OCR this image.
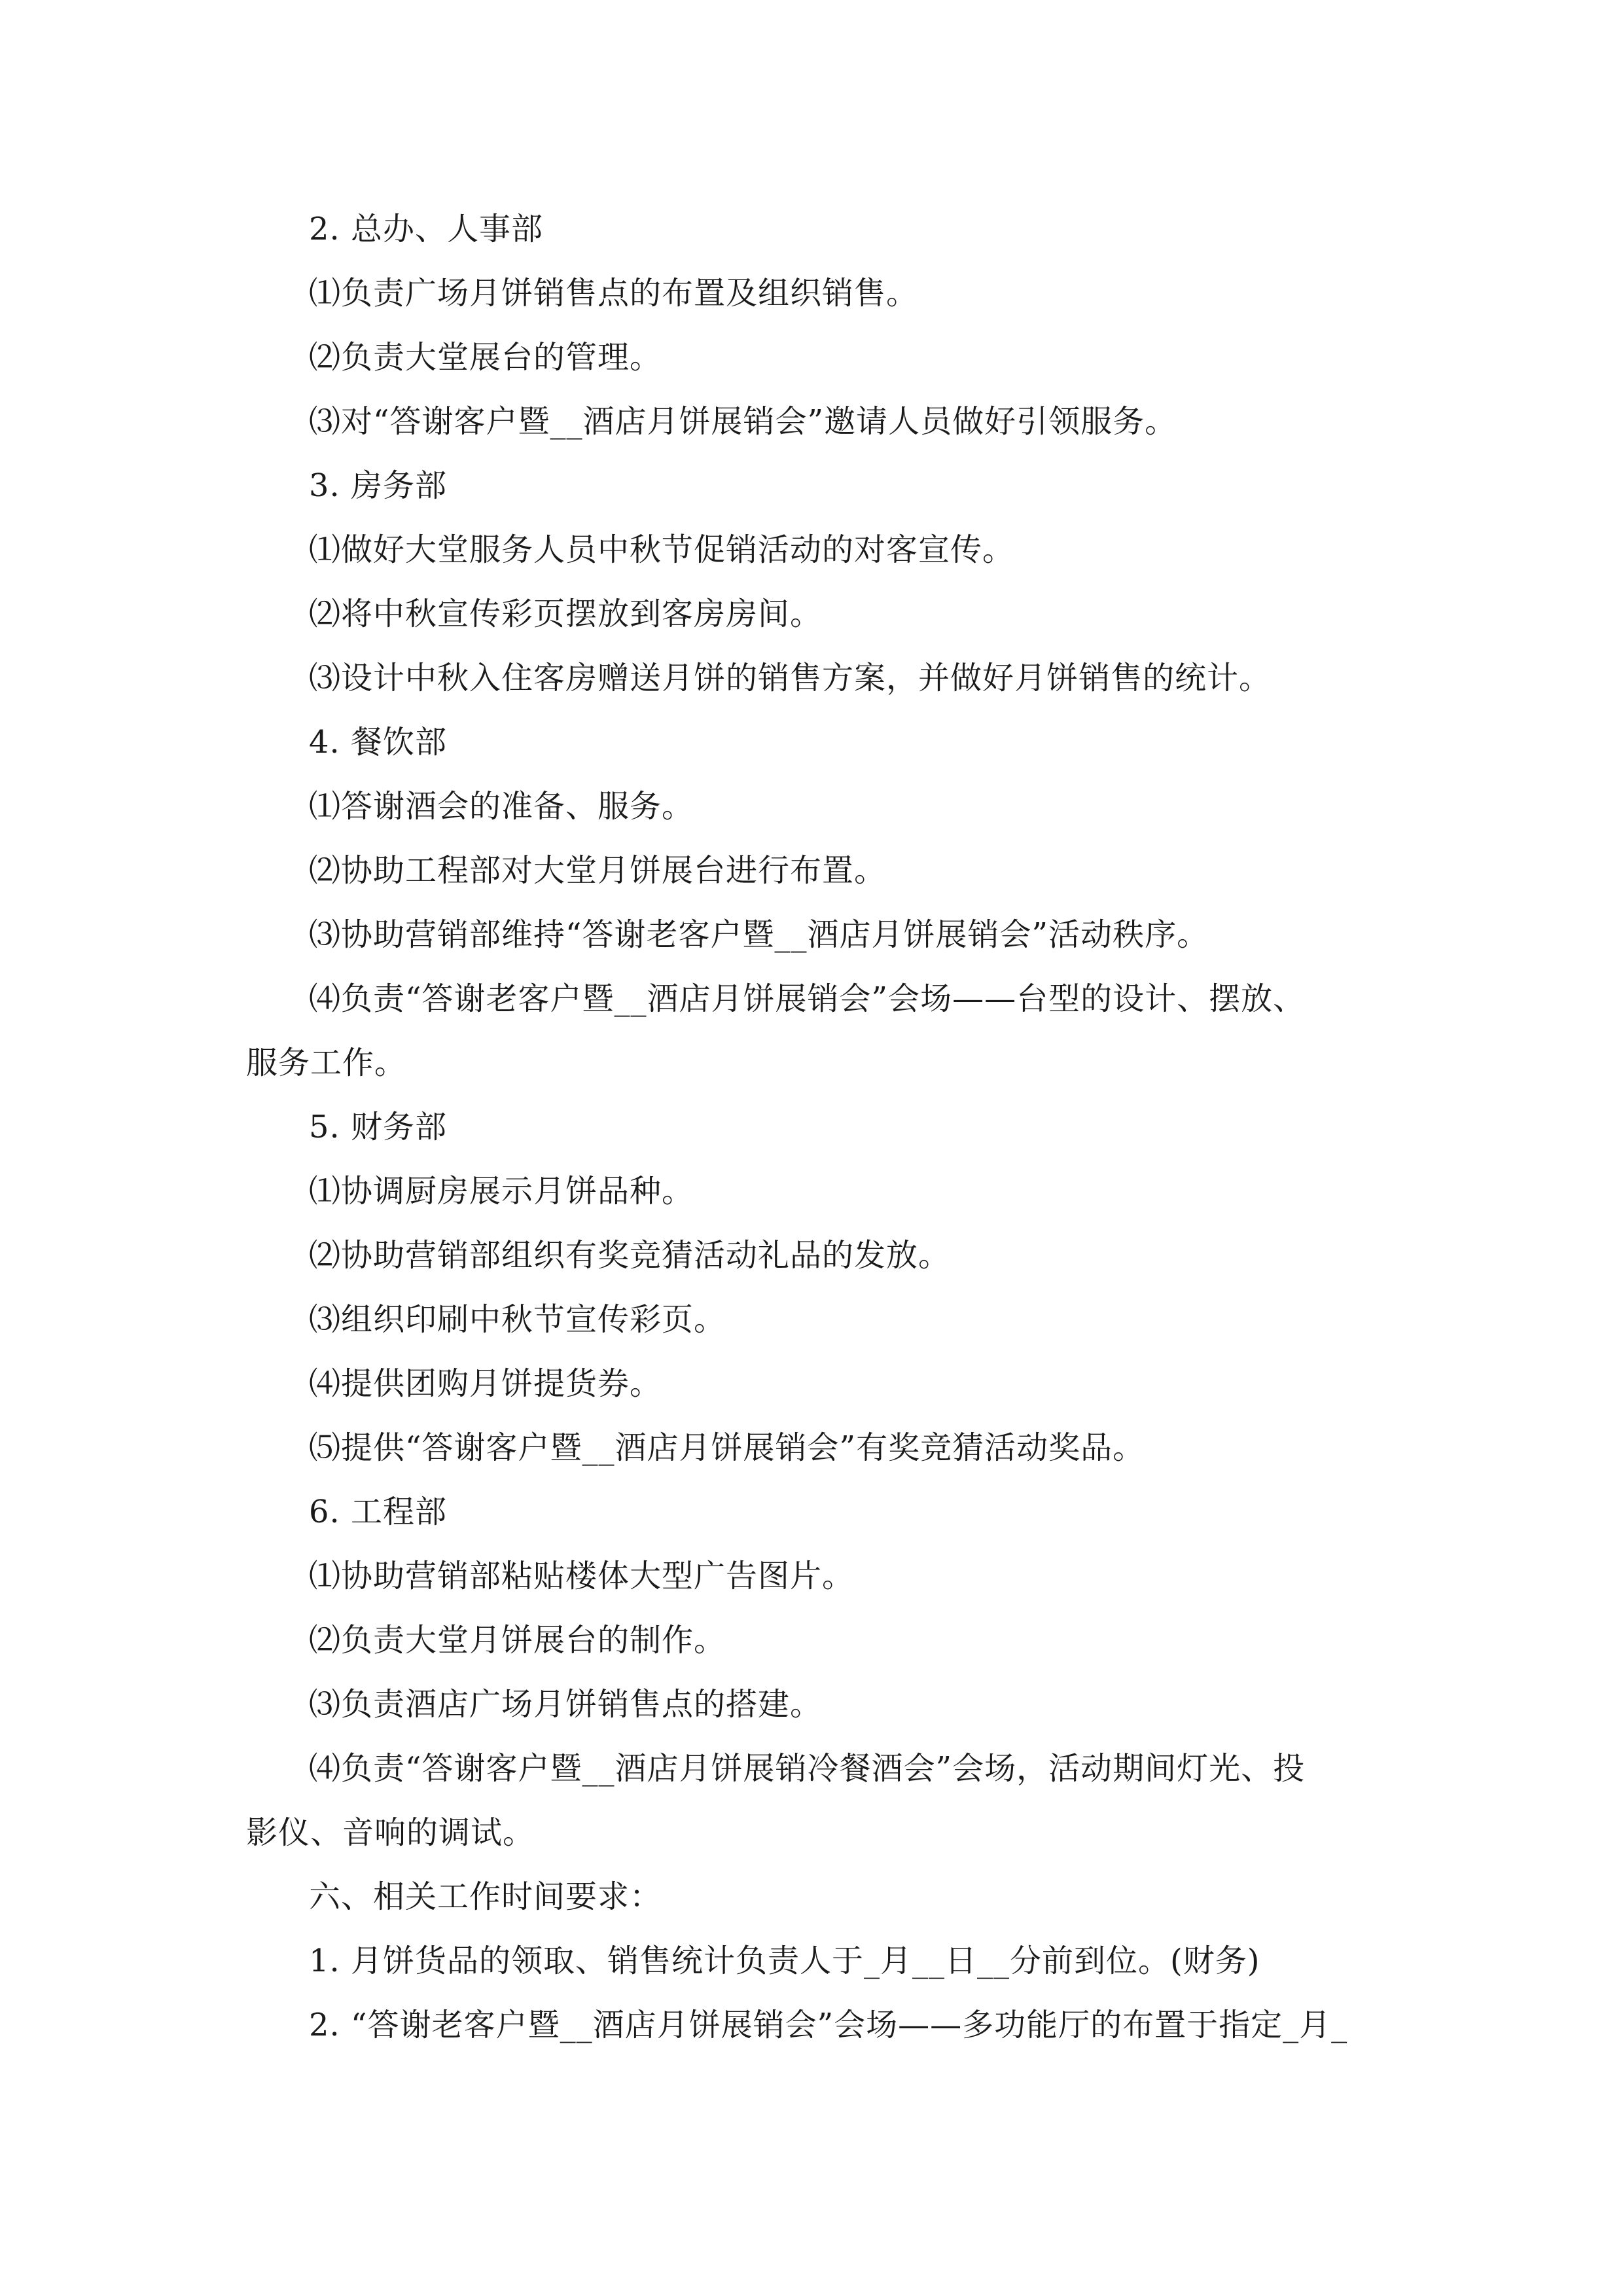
2. 总办、人事部
⑴负责广场月饼销售点的布置及组织销售。
⑵负责大堂展台的管理。
⑶对“答谢客户暨__酒店月饼展销会”邀请人员做好引领服务。
3. 房务部
⑴做好大堂服务人员中秋节促销活动的对客宣传。
⑵将中秋宣传彩页摆放到客房房间。
⑶设计中秋入住客房赠送月饼的销售方案，并做好月饼销售的统计。
4. 餐饮部
⑴答谢酒会的准备、服务。
⑵协助工程部对大堂月饼展台进行布置。
⑶协助营销部维持“答谢老客户暨__酒店月饼展销会”活动秩序。
⑷负责“答谢老客户暨__酒店月饼展销会”会场——台型的设计、摆放、
服务工作。
5. 财务部
⑴协调厨房展示月饼品种。
⑵协助营销部组织有奖竞猜活动礼品的发放。
⑶组织印刷中秋节宣传彩页。
⑷提供团购月饼提货券。
⑸提供“答谢客户暨__酒店月饼展销会”有奖竞猜活动奖品。
6. 工程部
⑴协助营销部粘贴楼体大型广告图片。
⑵负责大堂月饼展台的制作。
⑶负责酒店广场月饼销售点的搭建。
⑷负责“答谢客户暨__酒店月饼展销冷餐酒会”会场，活动期间灯光、投
影仪、音响的调试。
六、相关工作时间要求：
1. 月饼货品的领取、销售统计负责人于_月__日__分前到位。(财务)
2. “答谢老客户暨__酒店月饼展销会”会场——多功能厅的布置于指定_月_
